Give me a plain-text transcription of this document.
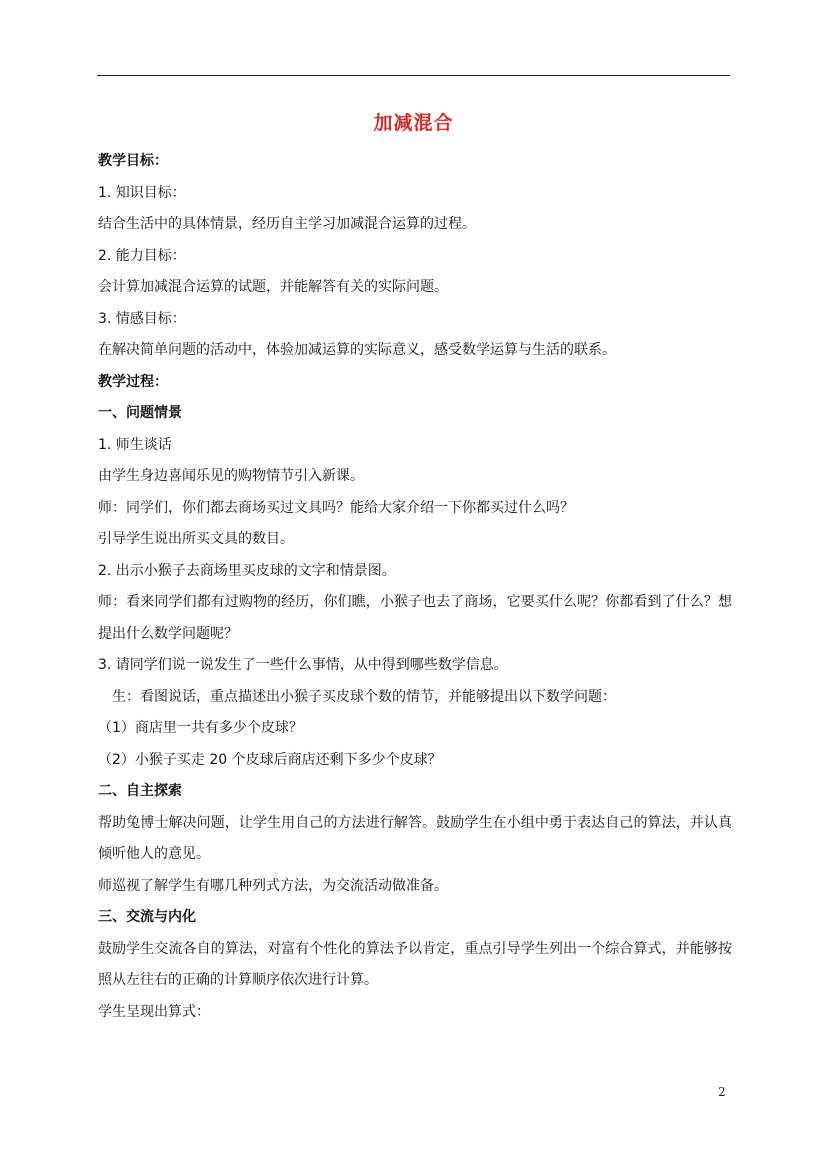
加减混合

教学目标：

1. 知识目标：

结合生活中的具体情景，经历自主学习加减混合运算的过程。

2. 能力目标：

会计算加减混合运算的试题，并能解答有关的实际问题。

3. 情感目标：

在解决简单问题的活动中，体验加减运算的实际意义，感受数学运算与生活的联系。

教学过程：

一、问题情景

1. 师生谈话

由学生身边喜闻乐见的购物情节引入新课。

师：同学们，你们都去商场买过文具吗？能给大家介绍一下你都买过什么吗？

引导学生说出所买文具的数目。

2. 出示小猴子去商场里买皮球的文字和情景图。

师：看来同学们都有过购物的经历，你们瞧，小猴子也去了商场，它要买什么呢？你都看到了什么？想提出什么数学问题呢？

3. 请同学们说一说发生了一些什么事情，从中得到哪些数学信息。

生：看图说话，重点描述出小猴子买皮球个数的情节，并能够提出以下数学问题：

（1）商店里一共有多少个皮球？

（2）小猴子买走 20 个皮球后商店还剩下多少个皮球？

二、自主探索

帮助兔博士解决问题，让学生用自己的方法进行解答。鼓励学生在小组中勇于表达自己的算法，并认真倾听他人的意见。

师巡视了解学生有哪几种列式方法，为交流活动做准备。

三、交流与内化

鼓励学生交流各自的算法，对富有个性化的算法予以肯定，重点引导学生列出一个综合算式，并能够按照从左往右的正确的计算顺序依次进行计算。

学生呈现出算式：

2
